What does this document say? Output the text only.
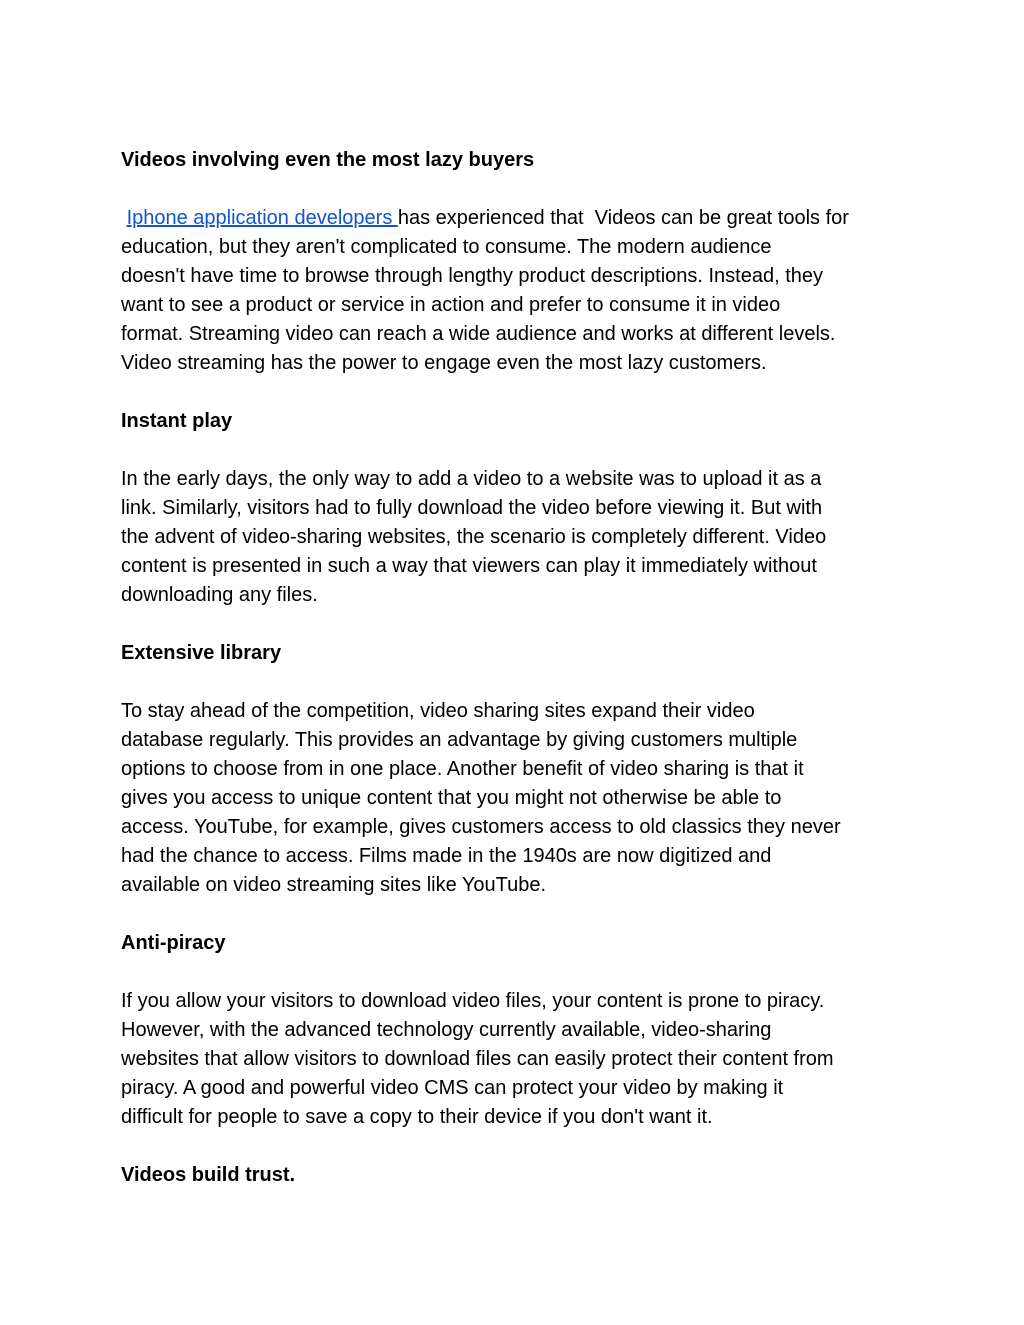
Videos involving even the most lazy buyers

Iphone application developers has experienced that  Videos can be great tools for
education, but they aren't complicated to consume. The modern audience
doesn't have time to browse through lengthy product descriptions. Instead, they
want to see a product or service in action and prefer to consume it in video
format. Streaming video can reach a wide audience and works at different levels.
Video streaming has the power to engage even the most lazy customers.

Instant play

In the early days, the only way to add a video to a website was to upload it as a
link. Similarly, visitors had to fully download the video before viewing it. But with
the advent of video-sharing websites, the scenario is completely different. Video
content is presented in such a way that viewers can play it immediately without
downloading any files.

Extensive library

To stay ahead of the competition, video sharing sites expand their video
database regularly. This provides an advantage by giving customers multiple
options to choose from in one place. Another benefit of video sharing is that it
gives you access to unique content that you might not otherwise be able to
access. YouTube, for example, gives customers access to old classics they never
had the chance to access. Films made in the 1940s are now digitized and
available on video streaming sites like YouTube.

Anti-piracy

If you allow your visitors to download video files, your content is prone to piracy.
However, with the advanced technology currently available, video-sharing
websites that allow visitors to download files can easily protect their content from
piracy. A good and powerful video CMS can protect your video by making it
difficult for people to save a copy to their device if you don't want it.

Videos build trust.
